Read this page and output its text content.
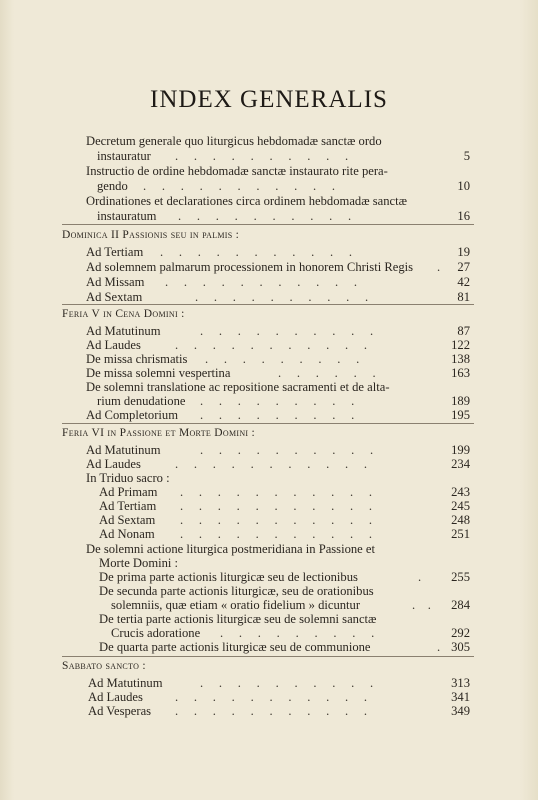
INDEX GENERALIS
Decretum generale quo liturgicus hebdomadæ sanctæ ordo
instauratur .     .     .     .     .     .     .     .     .     .	5
Instructio de ordine hebdomadæ sanctæ instaurato rite pera-
gendo .     .     .     .     .     .     .     .     .     .     .	10
Ordinationes et declarationes circa ordinem hebdomadæ sanctæ
instauratum .     .     .     .     .     .     .     .     .     .	16
Dominica II Passionis seu in palmis :
Ad Tertiam .     .     .     .     .     .     .     .     .     .     .	19
Ad solemnem palmarum processionem in honorem Christi Regis . 27
Ad Missam .     .     .     .     .     .     .     .     .     .     .	42
Ad Sextam	.     .     .     .     .     .     .     .     .     .	81
Feria V in Cena Domini :
Ad Matutinum	.     .     .     .     .     .     .     .     .     .	87
Ad Laudes	.     .     .     .     .     .     .     .     .     .     .	122
De missa chrismatis .     .     .     .     .     .     .     .     .	138
De missa solemni vespertina	.     .     .     .     .     .	163
De solemni translatione ac repositione sacramenti et de alta-
rium denudatione .     .     .     .     .     .     .     .     .	189
Ad Completorium .     .     .     .     .     .     .     .     .	195
Feria VI in Passione et Morte Domini :
Ad Matutinum	.     .     .     .     .     .     .     .     .     .	199
Ad Laudes	.     .     .     .     .     .     .     .     .     .     .	234
In Triduo sacro :
Ad Primam .     .     .     .     .     .     .     .     .     .     .	243
Ad Tertiam .     .     .     .     .     .     .     .     .     .     .	245
Ad Sextam .     .     .     .     .     .     .     .     .     .     .	248
Ad Nonam .     .     .     .     .     .     .     .     .     .     .	251
De solemni actione liturgica postmeridiana in Passione et
Morte Domini :
De prima parte actionis liturgicæ seu de lectionibus	.	255
De secunda parte actionis liturgicæ, seu de orationibus
solemniis, quæ etiam « oratio fidelium » dicuntur	.    .	284
De tertia parte actionis liturgicæ seu de solemni sanctæ
Crucis adoratione .     .     .     .     .     .     .     .     .	292
De quarta parte actionis liturgicæ seu de communione	. 305
Sabbato sancto :
Ad Matutinum	.     .     .     .     .     .     .     .     .     .	313
Ad Laudes	.     .     .     .     .     .     .     .     .     .     .	341
Ad Vesperas .     .     .     .     .     .     .     .     .     .     .	349
